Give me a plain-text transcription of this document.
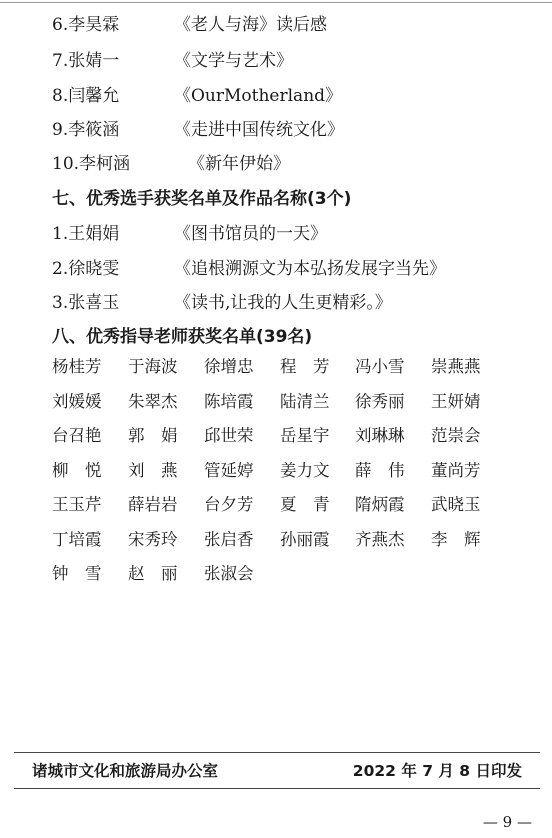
6.李昊霖	《老人与海》读后感
7.张婧一	《文学与艺术》
8.闫馨允	《OurMotherland》
9.李筱涵	《走进中国传统文化》
10.李柯涵	《新年伊始》
七、优秀选手获奖名单及作品名称(3个)
1.王娟娟	《图书馆员的一天》
2.徐晓雯	《追根溯源文为本弘扬发展字当先》
3.张喜玉	《读书,让我的人生更精彩。》
八、优秀指导老师获奖名单(39名)
杨桂芳 于海波 徐增忠 程　芳 冯小雪 崇燕燕
刘媛媛 朱翠杰 陈培霞 陆清兰 徐秀丽 王妍婧
台召艳 郭　娟 邱世荣 岳星宇 刘琳琳 范崇会
柳　悦 刘　燕 管延婷 姜力文 薛　伟 董尚芳
王玉芹 薛岩岩 台夕芳 夏　青 隋炳霞 武晓玉
丁培霞 宋秀玲 张启香 孙丽霞 齐燕杰 李　辉
钟　雪 赵　丽 张淑会
诸城市文化和旅游局办公室	2022 年 7 月 8 日印发
— 9 —
